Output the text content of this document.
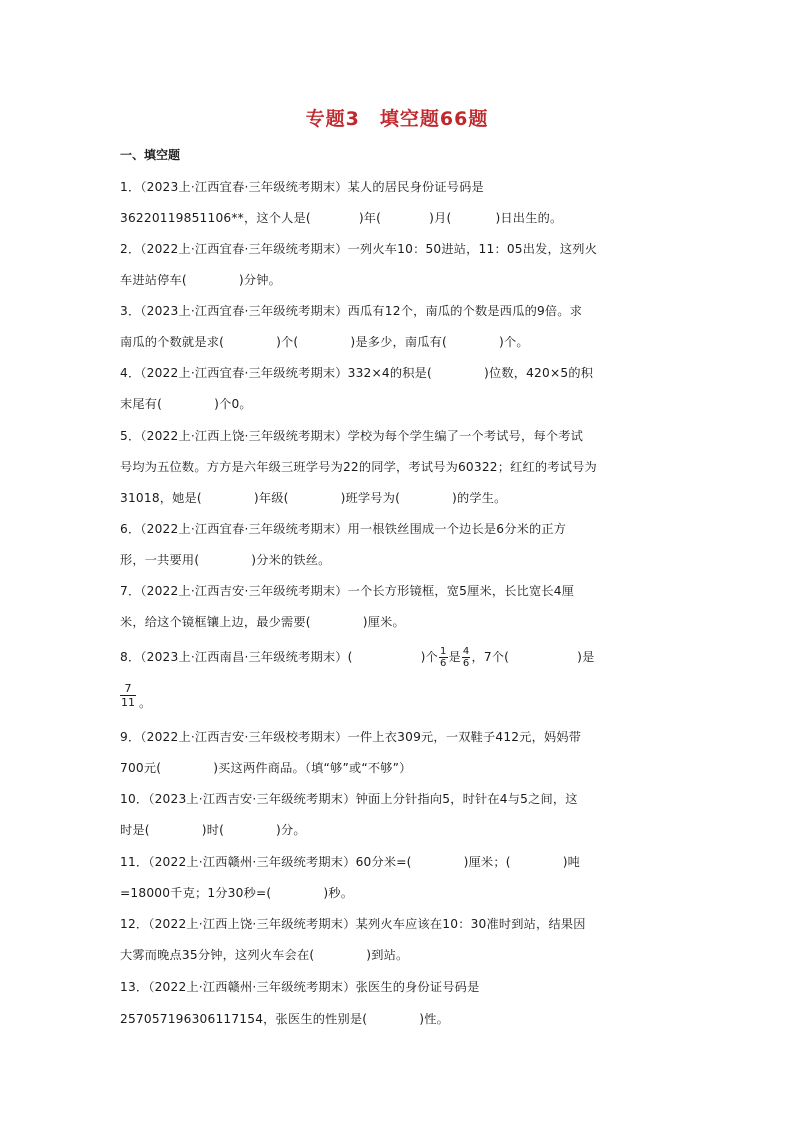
专题3　填空题66题
一、填空题
1．（2023上·江西宜春·三年级统考期末）某人的居民身份证号码是
36220119851106**，这个人是(	)年(	)月(	)日出生的。
2．（2022上·江西宜春·三年级统考期末）一列火车10：50进站，11：05出发，这列火
车进站停车(	)分钟。
3．（2023上·江西宜春·三年级统考期末）西瓜有12个，南瓜的个数是西瓜的9倍。求
南瓜的个数就是求(	)个(	)是多少，南瓜有(	)个。
4．（2022上·江西宜春·三年级统考期末）332×4的积是(	)位数，420×5的积
末尾有(	)个0。
5．（2022上·江西上饶·三年级统考期末）学校为每个学生编了一个考试号，每个考试
号均为五位数。方方是六年级三班学号为22的同学，考试号为60322；红红的考试号为
31018，她是(	)年级(	)班学号为(	)的学生。
6．（2022上·江西宜春·三年级统考期末）用一根铁丝围成一个边长是6分米的正方
形，一共要用(	)分米的铁丝。
7．（2022上·江西吉安·三年级统考期末）一个长方形镜框，宽5厘米，长比宽长4厘
米，给这个镜框镶上边，最少需要(	)厘米。
8．（2023上·江西南昌·三年级统考期末）(	)个 $\frac{1}{6}$ 是 $\frac{4}{6}$ ，7个(	)是
$\frac{7}{11}$ 。
9．（2022上·江西吉安·三年级校考期末）一件上衣309元，一双鞋子412元，妈妈带
700元(	)买这两件商品。（填“够”或“不够”）
10．（2023上·江西吉安·三年级统考期末）钟面上分针指向5，时针在4与5之间，这
时是(	)时(	)分。
11．（2022上·江西赣州·三年级统考期末）60分米=(	)厘米；(	)吨
=18000千克；1分30秒=(	)秒。
12．（2022上·江西上饶·三年级统考期末）某列火车应该在10：30准时到站，结果因
大雾而晚点35分钟，这列火车会在(	)到站。
13．（2022上·江西赣州·三年级统考期末）张医生的身份证号码是
257057196306117154，张医生的性别是(	)性。
